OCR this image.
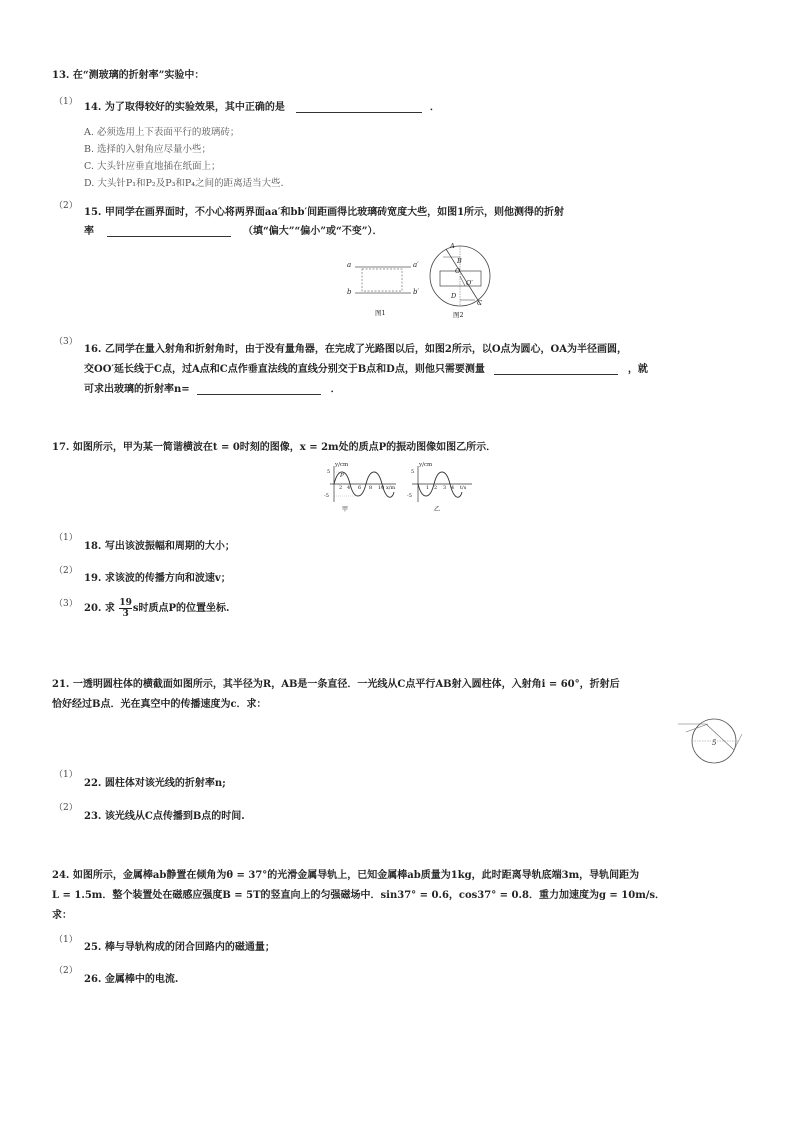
13. 在“测玻璃的折射率”实验中：
（1） 14. 为了取得较好的实验效果，其中正确的是	．
A. 必须选用上下表面平行的玻璃砖；
B. 选择的入射角应尽量小些；
C. 大头针应垂直地插在纸面上；
D. 大头针P₁和P₂及P₃和P₄之间的距离适当大些．
（2）
15. 甲同学在画界面时，不小心将两界面aa′和bb′间距画得比玻璃砖宽度大些，如图1所示，则他测得的折射
率	（填“偏大”“偏小”或“不变”）．
a	a′
b	b′
图1
A
B
O
O′
D
C
图2
（3）
16. 乙同学在量入射角和折射角时，由于没有量角器，在完成了光路图以后，如图2所示，以O点为圆心，OA为半径画圆，
交OO′延长线于C点，过A点和C点作垂直法线的直线分别交于B点和D点，则他只需要测量	，就
可求出玻璃的折射率n=	．
17. 如图所示，甲为某一简谐横波在t = 0时刻的图像，x = 2m处的质点P的振动图像如图乙所示．
y/cm
5
-5
P
2 4 6 8 10 x/m
甲
y/cm
5
-5
1 2 3 4 t/s
乙
（1）
18. 写出该波振幅和周期的大小；
（2）
19. 求该波的传播方向和波速v；
（3） 20. 求 $\frac{19}{3}$ s时质点P的位置坐标.
21. 一透明圆柱体的横截面如图所示，其半径为R，AB是一条直径．一光线从C点平行AB射入圆柱体，入射角i = 60°，折射后
恰好经过B点．光在真空中的传播速度为c．求：
5
（1）
22. 圆柱体对该光线的折射率n;
（2）
23. 该光线从C点传播到B点的时间.
24. 如图所示，金属棒ab静置在倾角为θ = 37°的光滑金属导轨上，已知金属棒ab质量为1kg，此时距离导轨底端3m，导轨间距为
L = 1.5m．整个装置处在磁感应强度B = 5T的竖直向上的匀强磁场中．sin37° = 0.6，cos37° = 0.8．重力加速度为g = 10m/s．
求：
（1）
25. 棒与导轨构成的闭合回路内的磁通量；
（2）
26. 金属棒中的电流.
